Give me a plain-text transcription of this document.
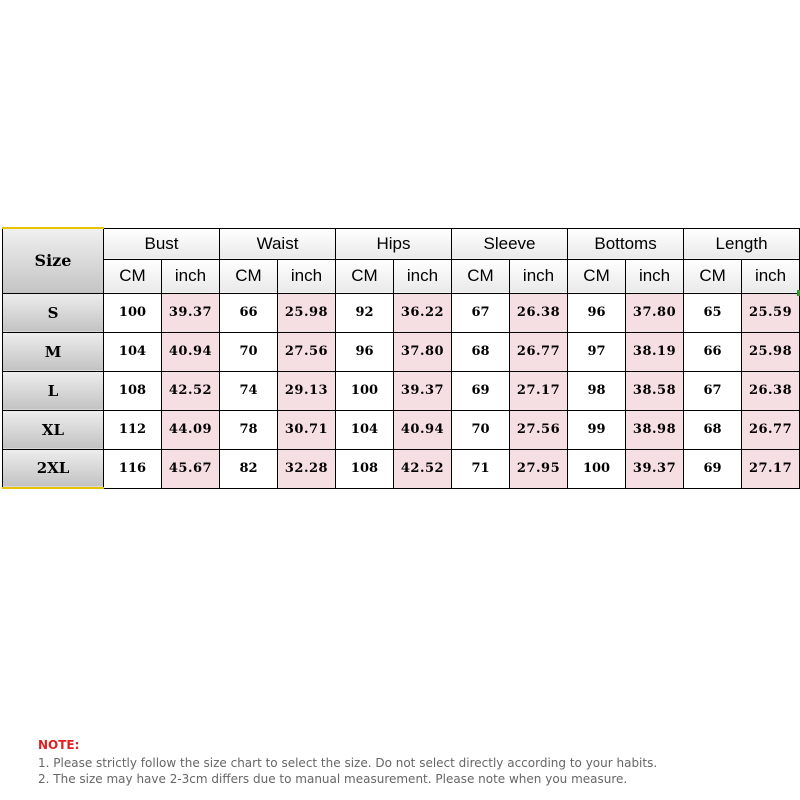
Size	Bust		Waist		Hips		Sleeve		Bottoms		Length	
	CM	inch	CM	inch	CM	inch	CM	inch	CM	inch	CM	inch
S	100	39.37	66	25.98	92	36.22	67	26.38	96	37.80	65	25.59
M	104	40.94	70	27.56	96	37.80	68	26.77	97	38.19	66	25.98
L	108	42.52	74	29.13	100	39.37	69	27.17	98	38.58	67	26.38
XL	112	44.09	78	30.71	104	40.94	70	27.56	99	38.98	68	26.77
2XL	116	45.67	82	32.28	108	42.52	71	27.95	100	39.37	69	27.17
NOTE:
1. Please strictly follow the size chart to select the size. Do not select directly according to your habits.
2. The size may have 2-3cm differs due to manual measurement. Please note when you measure.
